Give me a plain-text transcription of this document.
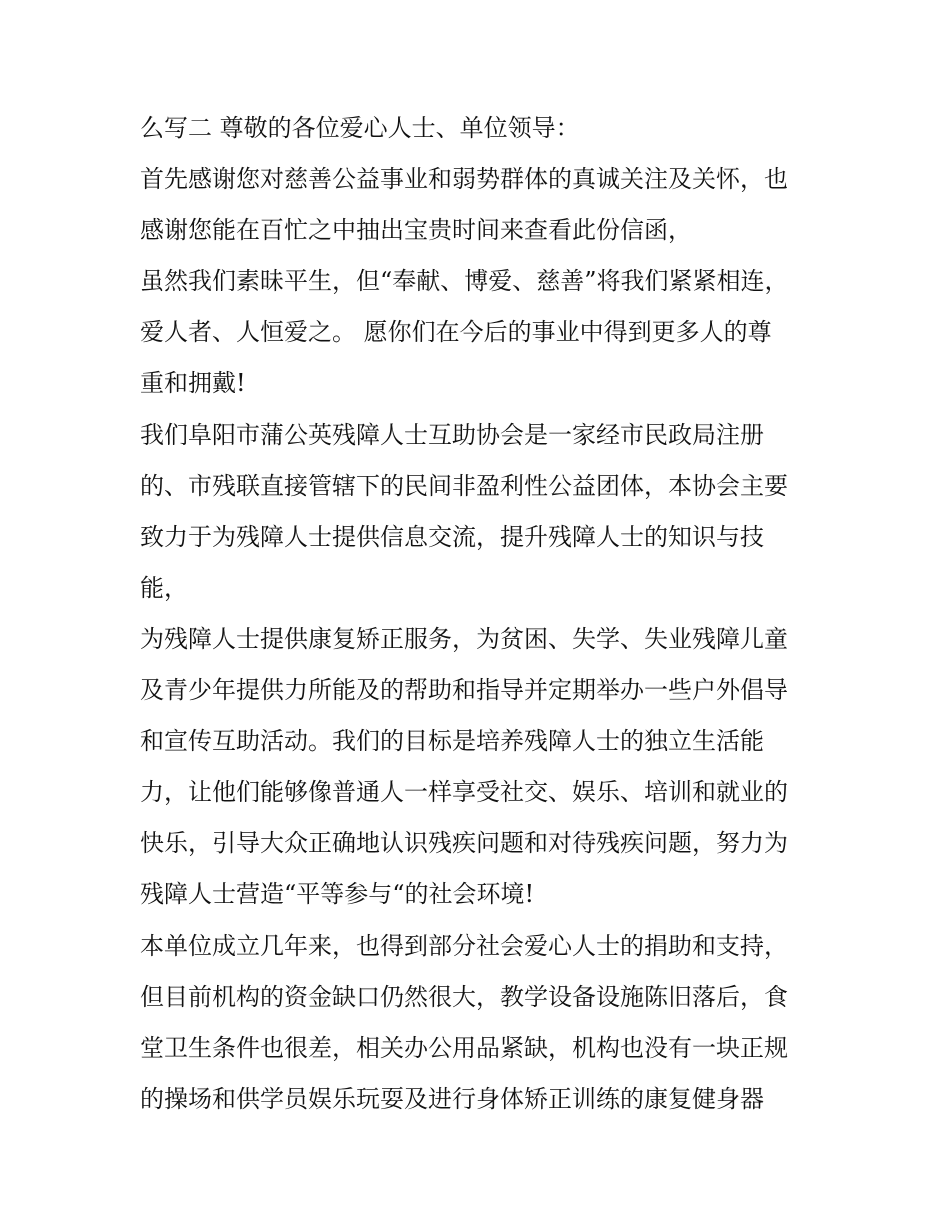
么写二 尊敬的各位爱心人士、单位领导：
首先感谢您对慈善公益事业和弱势群体的真诚关注及关怀，也
感谢您能在百忙之中抽出宝贵时间来查看此份信函，
虽然我们素昧平生，但“奉献、博爱、慈善”将我们紧紧相连，
爱人者、人恒爱之。 愿你们在今后的事业中得到更多人的尊
重和拥戴!
我们阜阳市蒲公英残障人士互助协会是一家经市民政局注册
的、市残联直接管辖下的民间非盈利性公益团体，本协会主要
致力于为残障人士提供信息交流，提升残障人士的知识与技
能，
为残障人士提供康复矫正服务，为贫困、失学、失业残障儿童
及青少年提供力所能及的帮助和指导并定期举办一些户外倡导
和宣传互助活动。我们的目标是培养残障人士的独立生活能
力，让他们能够像普通人一样享受社交、娱乐、培训和就业的
快乐，引导大众正确地认识残疾问题和对待残疾问题，努力为
残障人士营造“平等参与“的社会环境!
本单位成立几年来，也得到部分社会爱心人士的捐助和支持，
但目前机构的资金缺口仍然很大，教学设备设施陈旧落后，食
堂卫生条件也很差，相关办公用品紧缺，机构也没有一块正规
的操场和供学员娱乐玩耍及进行身体矫正训练的康复健身器
